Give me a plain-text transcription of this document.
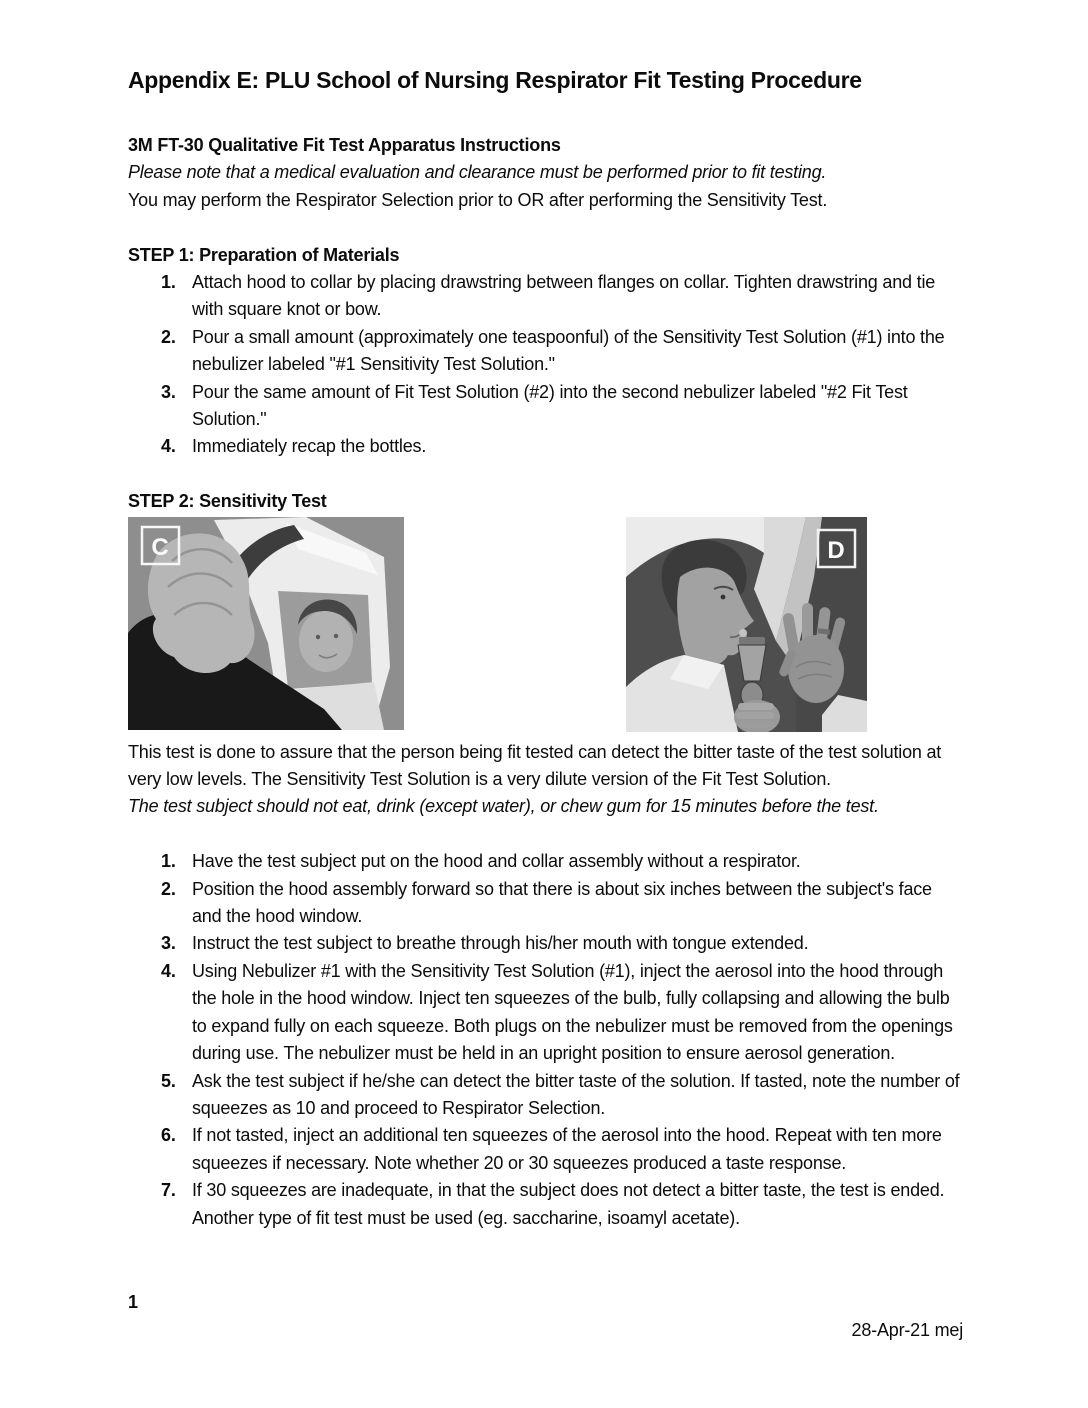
Appendix E: PLU School of Nursing Respirator Fit Testing Procedure

3M FT-30 Qualitative Fit Test Apparatus Instructions

Please note that a medical evaluation and clearance must be performed prior to fit testing.

You may perform the Respirator Selection prior to OR after performing the Sensitivity Test.

STEP 1: Preparation of Materials

Attach hood to collar by placing drawstring between flanges on collar. Tighten drawstring and tie with square knot or bow.
Pour a small amount (approximately one teaspoonful) of the Sensitivity Test Solution (#1) into the nebulizer labeled "#1 Sensitivity Test Solution."
Pour the same amount of Fit Test Solution (#2) into the second nebulizer labeled "#2 Fit Test Solution."
Immediately recap the bottles.

STEP 2: Sensitivity Test

C	D

This test is done to assure that the person being fit tested can detect the bitter taste of the test solution at very low levels. The Sensitivity Test Solution is a very dilute version of the Fit Test Solution.

The test subject should not eat, drink (except water), or chew gum for 15 minutes before the test.

Have the test subject put on the hood and collar assembly without a respirator.
Position the hood assembly forward so that there is about six inches between the subject's face and the hood window.
Instruct the test subject to breathe through his/her mouth with tongue extended.
Using Nebulizer #1 with the Sensitivity Test Solution (#1), inject the aerosol into the hood through the hole in the hood window. Inject ten squeezes of the bulb, fully collapsing and allowing the bulb to expand fully on each squeeze. Both plugs on the nebulizer must be removed from the openings during use. The nebulizer must be held in an upright position to ensure aerosol generation.
Ask the test subject if he/she can detect the bitter taste of the solution. If tasted, note the number of squeezes as 10 and proceed to Respirator Selection.
If not tasted, inject an additional ten squeezes of the aerosol into the hood. Repeat with ten more squeezes if necessary. Note whether 20 or 30 squeezes produced a taste response.
If 30 squeezes are inadequate, in that the subject does not detect a bitter taste, the test is ended. Another type of fit test must be used (eg. saccharine, isoamyl acetate).
1
28-Apr-21 mej
